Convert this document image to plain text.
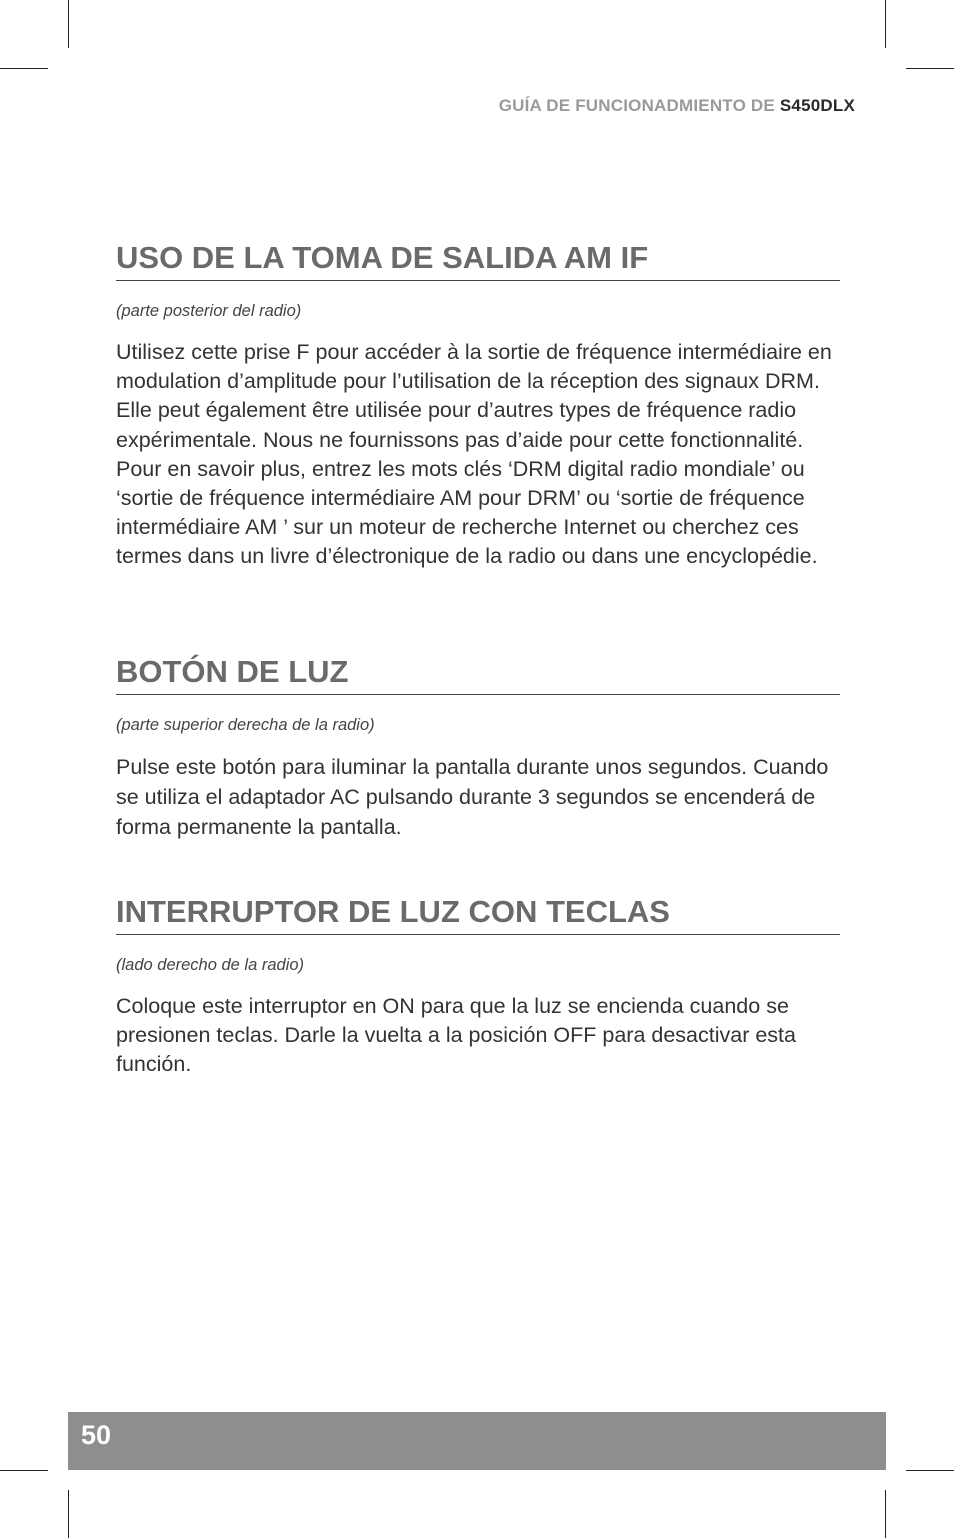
GUÍA DE FUNCIONADMIENTO DE S450DLX
USO DE LA TOMA DE SALIDA AM IF
(parte posterior del radio)
Utilisez cette prise F pour accéder à la sortie de fréquence intermédiaire en modulation d’amplitude pour l’utilisation de la réception des signaux DRM. Elle peut également être utilisée pour d’autres types de fréquence radio expérimentale. Nous ne fournissons pas d’aide pour cette fonctionnalité. Pour en savoir plus, entrez les mots clés ‘DRM digital radio mondiale’ ou ‘sortie de fréquence intermédiaire AM pour DRM’ ou ‘sortie de fréquence intermédiaire AM ’ sur un moteur de recherche Internet ou cherchez ces termes dans un livre d’électronique de la radio ou dans une encyclopédie.
BOTÓN DE LUZ
(parte superior derecha de la radio)
Pulse este botón para iluminar la pantalla durante unos segundos. Cuando se utiliza el adaptador AC pulsando durante 3 segundos se encenderá de forma permanente la pantalla.
INTERRUPTOR DE LUZ CON TECLAS
(lado derecho de la radio)
Coloque este interruptor en ON para que la luz se encienda cuando se presionen teclas. Darle la vuelta a la posición OFF para desactivar esta función.
50
